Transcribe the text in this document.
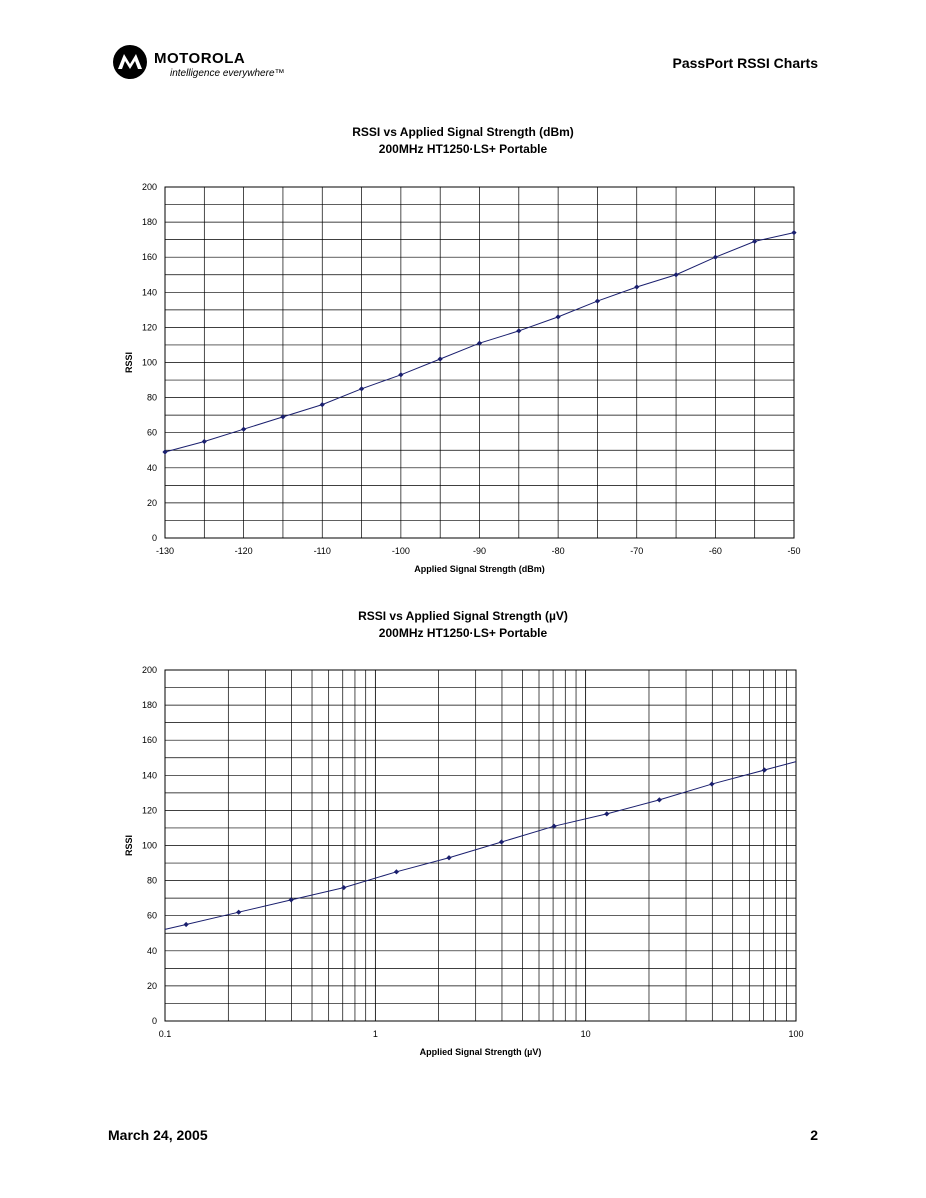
MOTOROLA
intelligence everywhere™
PassPort RSSI Charts
RSSI vs Applied Signal Strength (dBm)
200MHz HT1250·LS+ Portable
0
20
40
60
80
100
120
140
160
180
200
-130	-120	-110	-100	-90	-80	-70	-60	-50
Applied Signal Strength (dBm)
RSSI
RSSI vs Applied Signal Strength (µV)
200MHz HT1250·LS+ Portable
0
20
40
60
80
100
120
140
160
180
200
0.1	1	10	100
Applied Signal Strength (µV)
RSSI
March 24, 2005	2
